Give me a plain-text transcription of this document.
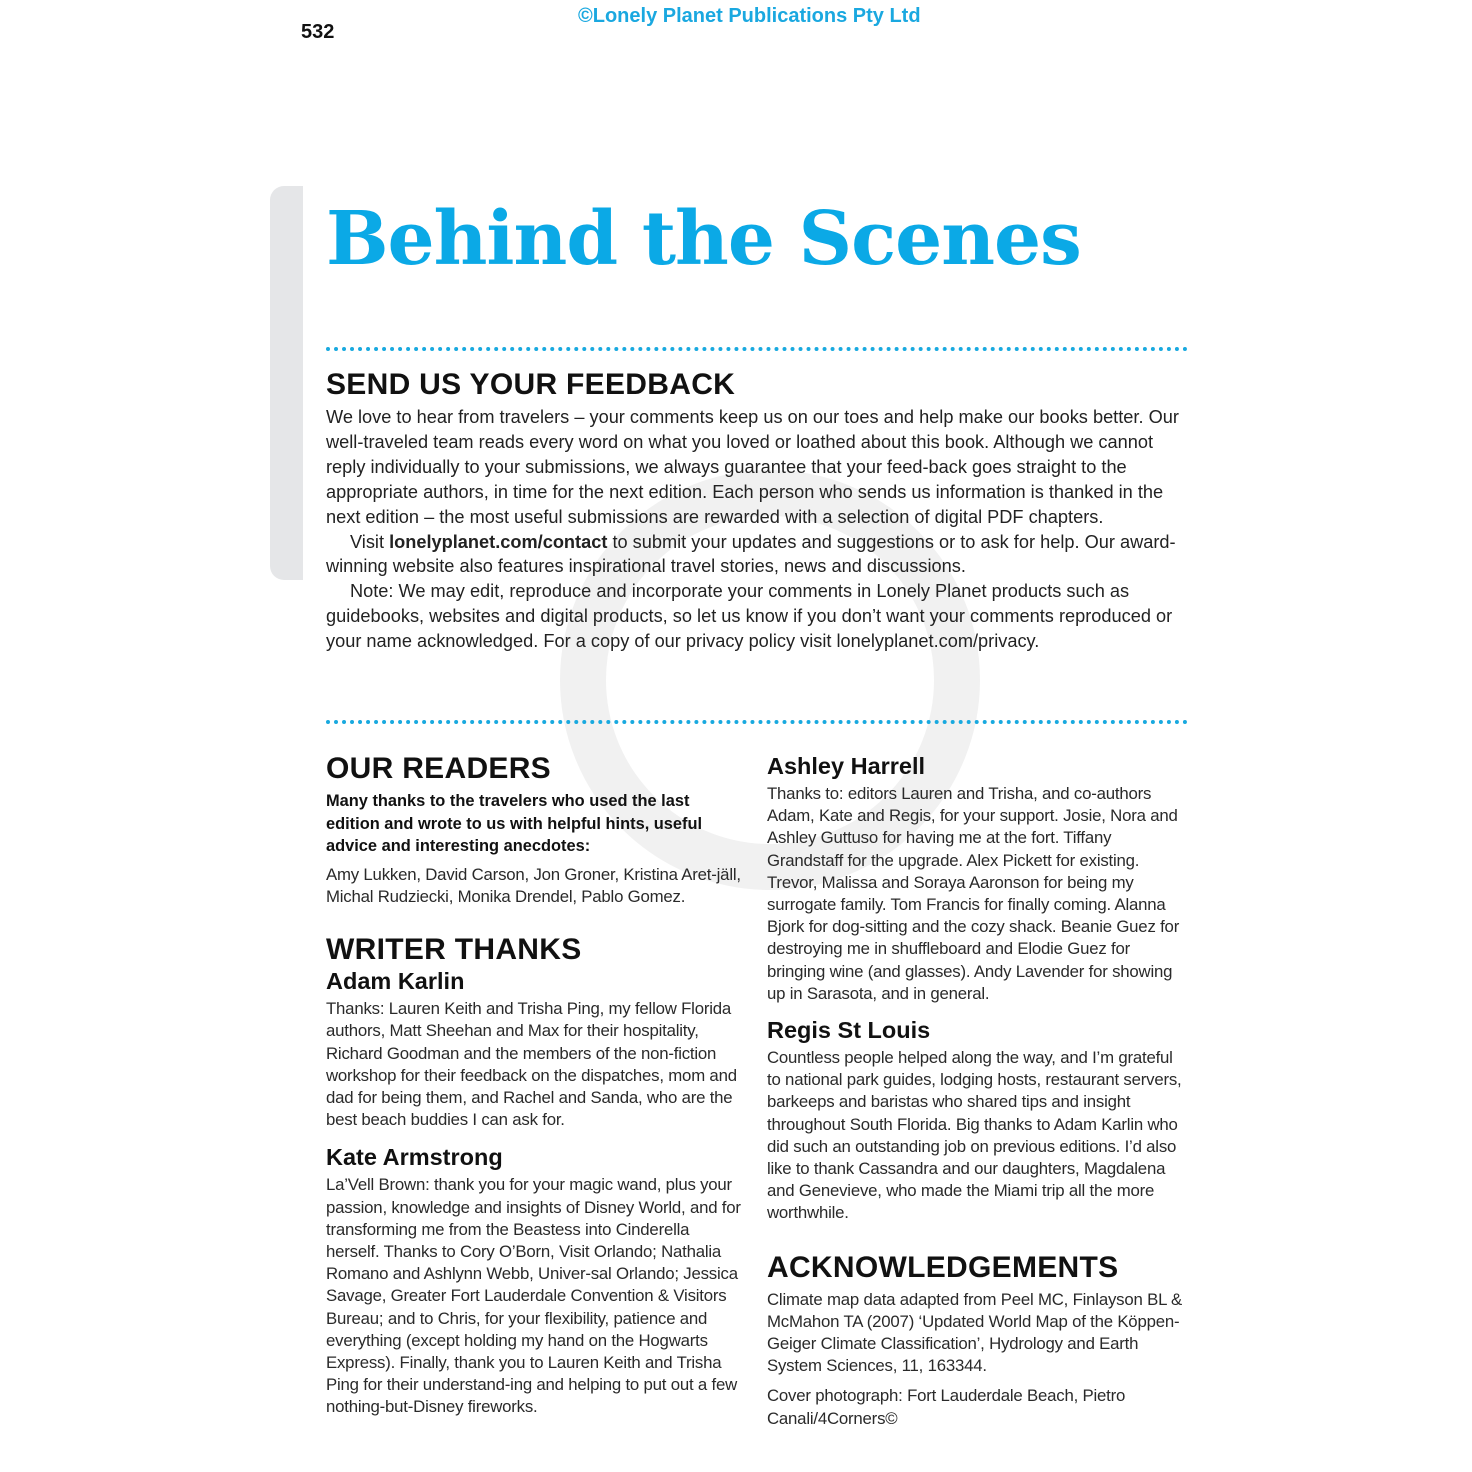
©Lonely Planet Publications Pty Ltd
532
Behind the Scenes
SEND US YOUR FEEDBACK

We love to hear from travelers – your comments keep us on our toes and help make our books better. Our well-traveled team reads every word on what you loved or loathed about this book. Although we cannot reply individually to your submissions, we always guarantee that your feed-back goes straight to the appropriate authors, in time for the next edition. Each person who sends us information is thanked in the next edition – the most useful submissions are rewarded with a selection of digital PDF chapters.

Visit lonelyplanet.com/contact to submit your updates and suggestions or to ask for help. Our award-winning website also features inspirational travel stories, news and discussions.

Note: We may edit, reproduce and incorporate your comments in Lonely Planet products such as guidebooks, websites and digital products, so let us know if you don’t want your comments reproduced or your name acknowledged. For a copy of our privacy policy visit lonelyplanet.com/privacy.

OUR READERS

Many thanks to the travelers who used the last edition and wrote to us with helpful hints, useful advice and interesting anecdotes:

Amy Lukken, David Carson, Jon Groner, Kristina Aret-jäll, Michal Rudziecki, Monika Drendel, Pablo Gomez.

WRITER THANKS
Adam Karlin

Thanks: Lauren Keith and Trisha Ping, my fellow Florida authors, Matt Sheehan and Max for their hospitality, Richard Goodman and the members of the non-fiction workshop for their feedback on the dispatches, mom and dad for being them, and Rachel and Sanda, who are the best beach buddies I can ask for.

Kate Armstrong

La’Vell Brown: thank you for your magic wand, plus your passion, knowledge and insights of Disney World, and for transforming me from the Beastess into Cinderella herself. Thanks to Cory O’Born, Visit Orlando; Nathalia Romano and Ashlynn Webb, Univer-sal Orlando; Jessica Savage, Greater Fort Lauderdale Convention & Visitors Bureau; and to Chris, for your flexibility, patience and everything (except holding my hand on the Hogwarts Express). Finally, thank you to Lauren Keith and Trisha Ping for their understand-ing and helping to put out a few nothing-but-Disney fireworks.

Ashley Harrell

Thanks to: editors Lauren and Trisha, and co-authors Adam, Kate and Regis, for your support. Josie, Nora and Ashley Guttuso for having me at the fort. Tiffany Grandstaff for the upgrade. Alex Pickett for existing. Trevor, Malissa and Soraya Aaronson for being my surrogate family. Tom Francis for finally coming. Alanna Bjork for dog-sitting and the cozy shack. Beanie Guez for destroying me in shuffleboard and Elodie Guez for bringing wine (and glasses). Andy Lavender for showing up in Sarasota, and in general.

Regis St Louis

Countless people helped along the way, and I’m grateful to national park guides, lodging hosts, restaurant servers, barkeeps and baristas who shared tips and insight throughout South Florida. Big thanks to Adam Karlin who did such an outstanding job on previous editions. I’d also like to thank Cassandra and our daughters, Magdalena and Genevieve, who made the Miami trip all the more worthwhile.

ACKNOWLEDGEMENTS

Climate map data adapted from Peel MC, Finlayson BL & McMahon TA (2007) ‘Updated World Map of the Köppen-Geiger Climate Classification’, Hydrology and Earth System Sciences, 11, 163344.

Cover photograph: Fort Lauderdale Beach, Pietro Canali/4Corners©
